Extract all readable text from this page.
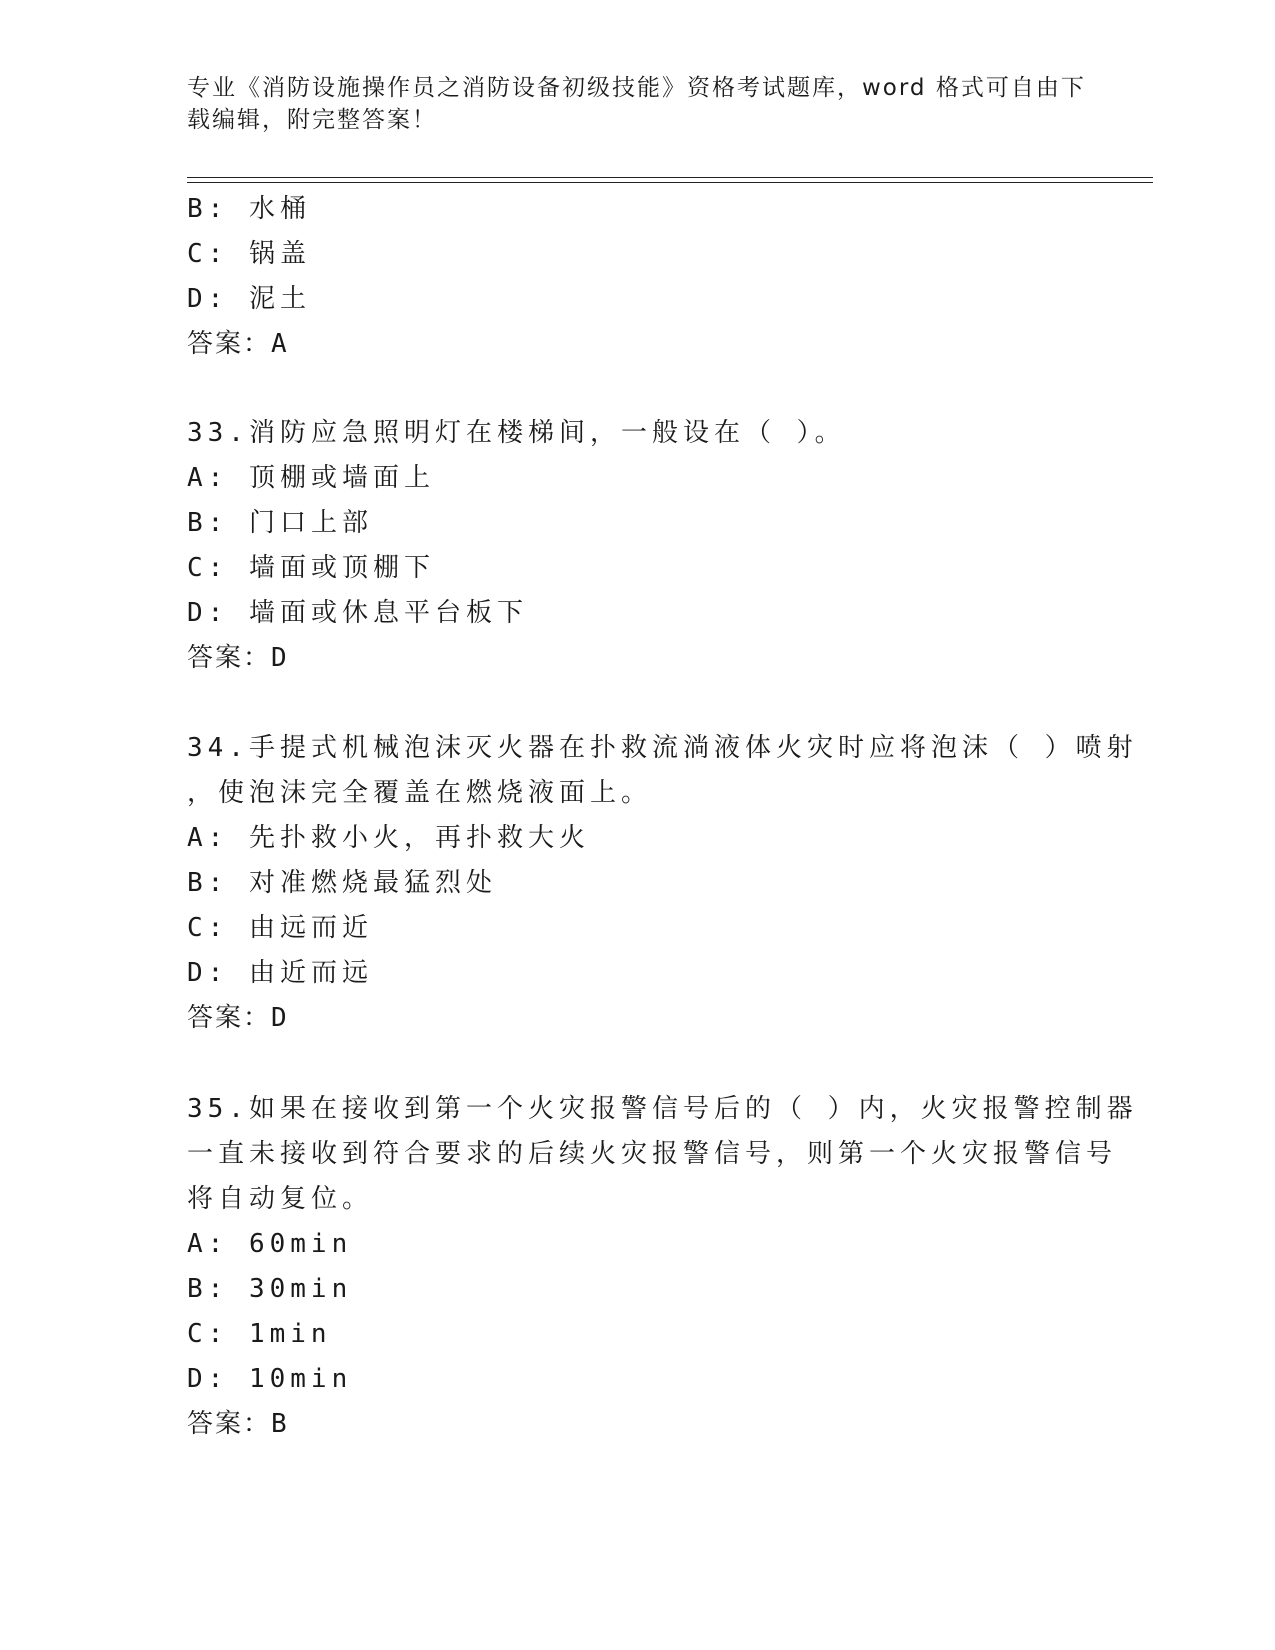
专业《消防设施操作员之消防设备初级技能》资格考试题库，word 格式可自由下
载编辑，附完整答案！
B: 水桶
C: 锅盖
D: 泥土
答案：A
33.消防应急照明灯在楼梯间，一般设在（ ）。
A: 顶棚或墙面上
B: 门口上部
C: 墙面或顶棚下
D: 墙面或休息平台板下
答案：D
34.手提式机械泡沫灭火器在扑救流淌液体火灾时应将泡沫（ ）喷射
，使泡沫完全覆盖在燃烧液面上。
A: 先扑救小火，再扑救大火
B: 对准燃烧最猛烈处
C: 由远而近
D: 由近而远
答案：D
35.如果在接收到第一个火灾报警信号后的（ ）内，火灾报警控制器
一直未接收到符合要求的后续火灾报警信号，则第一个火灾报警信号
将自动复位。
A: 60min
B: 30min
C: 1min
D: 10min
答案：B
